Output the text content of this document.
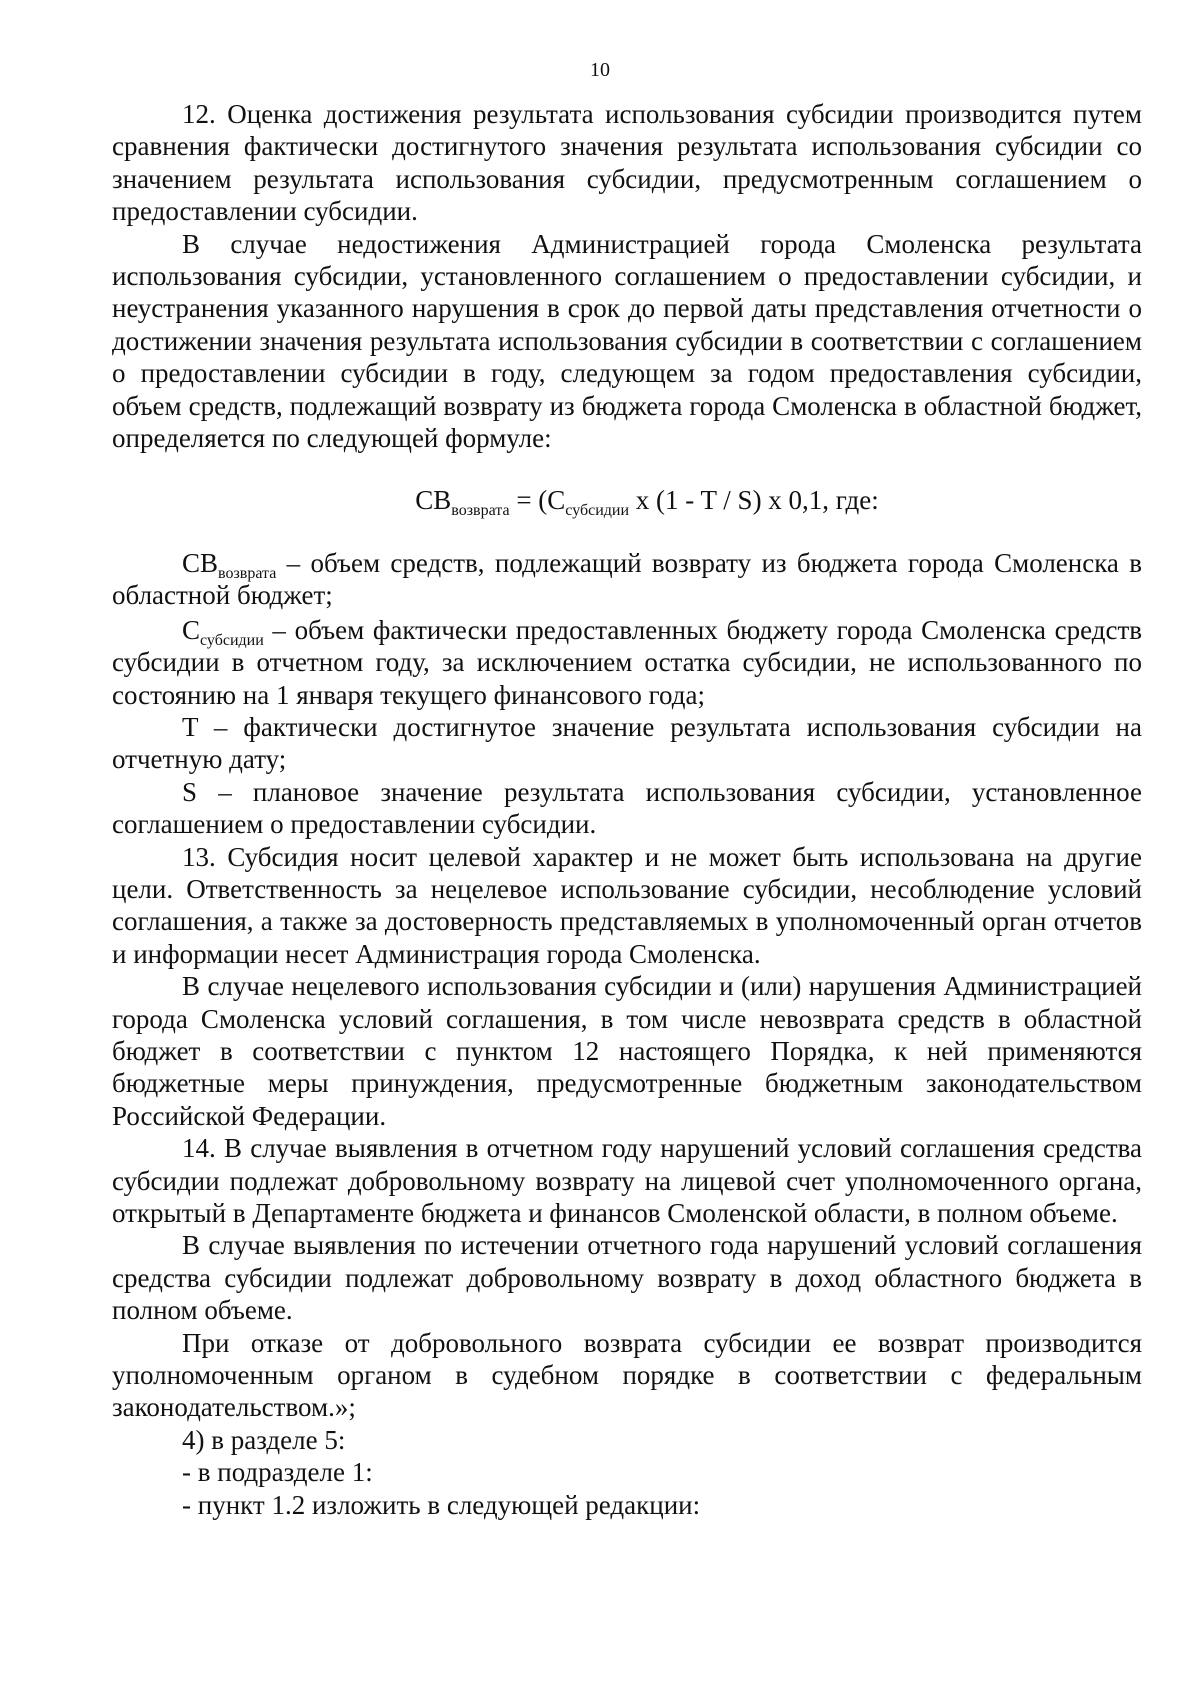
10

12. Оценка достижения результата использования субсидии производится путем сравнения фактически достигнутого значения результата использования субсидии со значением результата использования субсидии, предусмотренным соглашением о предоставлении субсидии.

В случае недостижения Администрацией города Смоленска результата использования субсидии, установленного соглашением о предоставлении субсидии, и неустранения указанного нарушения в срок до первой даты представления отчетности о достижении значения результата использования субсидии в соответствии с соглашением о предоставлении субсидии в году, следующем за годом предоставления субсидии, объем средств, подлежащий возврату из бюджета города Смоленска в областной бюджет, определяется по следующей формуле:

$CB_{возврата} = (C_{субсидии}$ x (1 - T / S) x 0,1, где:

$CB_{возврата}$ – объем средств, подлежащий возврату из бюджета города Смоленска в областной бюджет;

$C_{субсидии}$ – объем фактически предоставленных бюджету города Смоленска средств субсидии в отчетном году, за исключением остатка субсидии, не использованного по состоянию на 1 января текущего финансового года;

T – фактически достигнутое значение результата использования субсидии на отчетную дату;

S – плановое значение результата использования субсидии, установленное соглашением о предоставлении субсидии.

13. Субсидия носит целевой характер и не может быть использована на другие цели. Ответственность за нецелевое использование субсидии, несоблюдение условий соглашения, а также за достоверность представляемых в уполномоченный орган отчетов и информации несет Администрация города Смоленска.

В случае нецелевого использования субсидии и (или) нарушения Администрацией города Смоленска условий соглашения, в том числе невозврата средств в областной бюджет в соответствии с пунктом 12 настоящего Порядка, к ней применяются бюджетные меры принуждения, предусмотренные бюджетным законодательством Российской Федерации.

14. В случае выявления в отчетном году нарушений условий соглашения средства субсидии подлежат добровольному возврату на лицевой счет уполномоченного органа, открытый в Департаменте бюджета и финансов Смоленской области, в полном объеме.

В случае выявления по истечении отчетного года нарушений условий соглашения средства субсидии подлежат добровольному возврату в доход областного бюджета в полном объеме.

При отказе от добровольного возврата субсидии ее возврат производится уполномоченным органом в судебном порядке в соответствии с федеральным законодательством.»;

4) в разделе 5:

- в подразделе 1:

- пункт 1.2 изложить в следующей редакции:
